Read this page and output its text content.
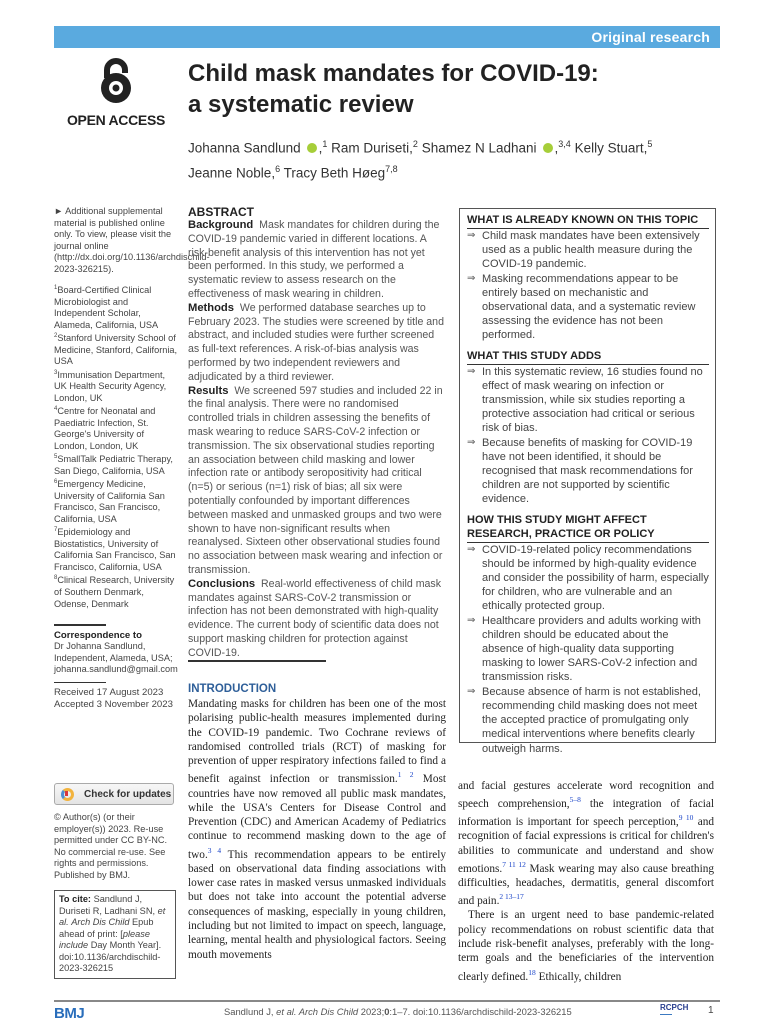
Original research
OPEN ACCESS
Child mask mandates for COVID-19:
a systematic review
Johanna Sandlund ,$^1$ Ram Duriseti,$^2$ Shamez N Ladhani ,$^{3,4}$ Kelly Stuart,$^5$
Jeanne Noble,$^6$ Tracy Beth Høeg$^{7,8}$

► Additional supplemental material is published online only. To view, please visit the journal online (http://dx.doi.org/10.1136/archdischild-2023-326215).

$^1$Board-Certified Clinical Microbiologist and Independent Scholar, Alameda, California, USA

$^2$Stanford University School of Medicine, Stanford, California, USA

$^3$Immunisation Department, UK Health Security Agency, London, UK

$^4$Centre for Neonatal and Paediatric Infection, St. George's University of London, London, UK

$^5$SmallTalk Pediatric Therapy, San Diego, California, USA

$^6$Emergency Medicine, University of California San Francisco, San Francisco, California, USA

$^7$Epidemiology and Biostatistics, University of California San Francisco, San Francisco, California, USA

$^8$Clinical Research, University of Southern Denmark, Odense, Denmark

Correspondence to
Dr Johanna Sandlund,
Independent, Alameda, USA;
johanna.sandlund@gmail.com
Received 17 August 2023
Accepted 3 November 2023
Check for updates

© Author(s) (or their employer(s)) 2023. Re-use permitted under CC BY-NC. No commercial re-use. See rights and permissions. Published by BMJ.

To cite: Sandlund J, Duriseti R, Ladhani SN, et al. Arch Dis Child Epub ahead of print: [please include Day Month Year]. doi:10.1136/archdischild-2023-326215
ABSTRACT

Background Mask mandates for children during the COVID-19 pandemic varied in different locations. A risk-benefit analysis of this intervention has not yet been performed. In this study, we performed a systematic review to assess research on the effectiveness of mask wearing in children.

Methods We performed database searches up to February 2023. The studies were screened by title and abstract, and included studies were further screened as full-text references. A risk-of-bias analysis was performed by two independent reviewers and adjudicated by a third reviewer.

Results We screened 597 studies and included 22 in the final analysis. There were no randomised controlled trials in children assessing the benefits of mask wearing to reduce SARS-CoV-2 infection or transmission. The six observational studies reporting an association between child masking and lower infection rate or antibody seropositivity had critical (n=5) or serious (n=1) risk of bias; all six were potentially confounded by important differences between masked and unmasked groups and two were shown to have non-significant results when reanalysed. Sixteen other observational studies found no association between mask wearing and infection or transmission.

Conclusions Real-world effectiveness of child mask mandates against SARS-CoV-2 transmission or infection has not been demonstrated with high-quality evidence. The current body of scientific data does not support masking children for protection against COVID-19.

WHAT IS ALREADY KNOWN ON THIS TOPIC
⇒ Child mask mandates have been extensively used as a public health measure during the COVID-19 pandemic.
⇒ Masking recommendations appear to be entirely based on mechanistic and observational data, and a systematic review assessing the evidence has not been performed.
WHAT THIS STUDY ADDS
⇒ In this systematic review, 16 studies found no effect of mask wearing on infection or transmission, while six studies reporting a protective association had critical or serious risk of bias.
⇒ Because benefits of masking for COVID-19 have not been identified, it should be recognised that mask recommendations for children are not supported by scientific evidence.
HOW THIS STUDY MIGHT AFFECT RESEARCH, PRACTICE OR POLICY
⇒ COVID-19-related policy recommendations should be informed by high-quality evidence and consider the possibility of harm, especially for children, who are vulnerable and an ethically protected group.
⇒ Healthcare providers and adults working with children should be educated about the absence of high-quality data supporting masking to lower SARS-CoV-2 infection and transmission risks.
⇒ Because absence of harm is not established, recommending child masking does not meet the accepted practice of promulgating only medical interventions where benefits clearly outweigh harms.
INTRODUCTION

Mandating masks for children has been one of the most polarising public-health measures implemented during the COVID-19 pandemic. Two Cochrane reviews of randomised controlled trials (RCT) of masking for prevention of upper respiratory infections failed to find a benefit against infection or transmission.$^{1 2}$ Most countries have now removed all public mask mandates, while the USA's Centers for Disease Control and Prevention (CDC) and American Academy of Pediatrics continue to recommend masking down to the age of two.$^{3 4}$ This recommendation appears to be entirely based on observational data finding associations with lower case rates in masked versus unmasked individuals but does not take into account the potential adverse consequences of masking, especially in young children, including but not limited to impact on speech, language, learning, mental health and physiological factors. Seeing mouth movements

and facial gestures accelerate word recognition and speech comprehension,$^{5-8}$ the integration of facial information is important for speech perception,$^{9 10}$ and recognition of facial expressions is critical for children's abilities to communicate and understand and show emotions.$^{7 11 12}$ Mask wearing may also cause breathing difficulties, headaches, dermatitis, general discomfort and pain.$^{2 13-17}$

There is an urgent need to base pandemic-related policy recommendations on robust scientific data that include risk-benefit analyses, preferably with the long-term goals and the beneficiaries of the intervention clearly defined.$^{18}$ Ethically, children

BMJ	Sandlund J, et al. Arch Dis Child 2023;0:1–7. doi:10.1136/archdischild-2023-326215	RCPCH
▬▬▬▬	1
